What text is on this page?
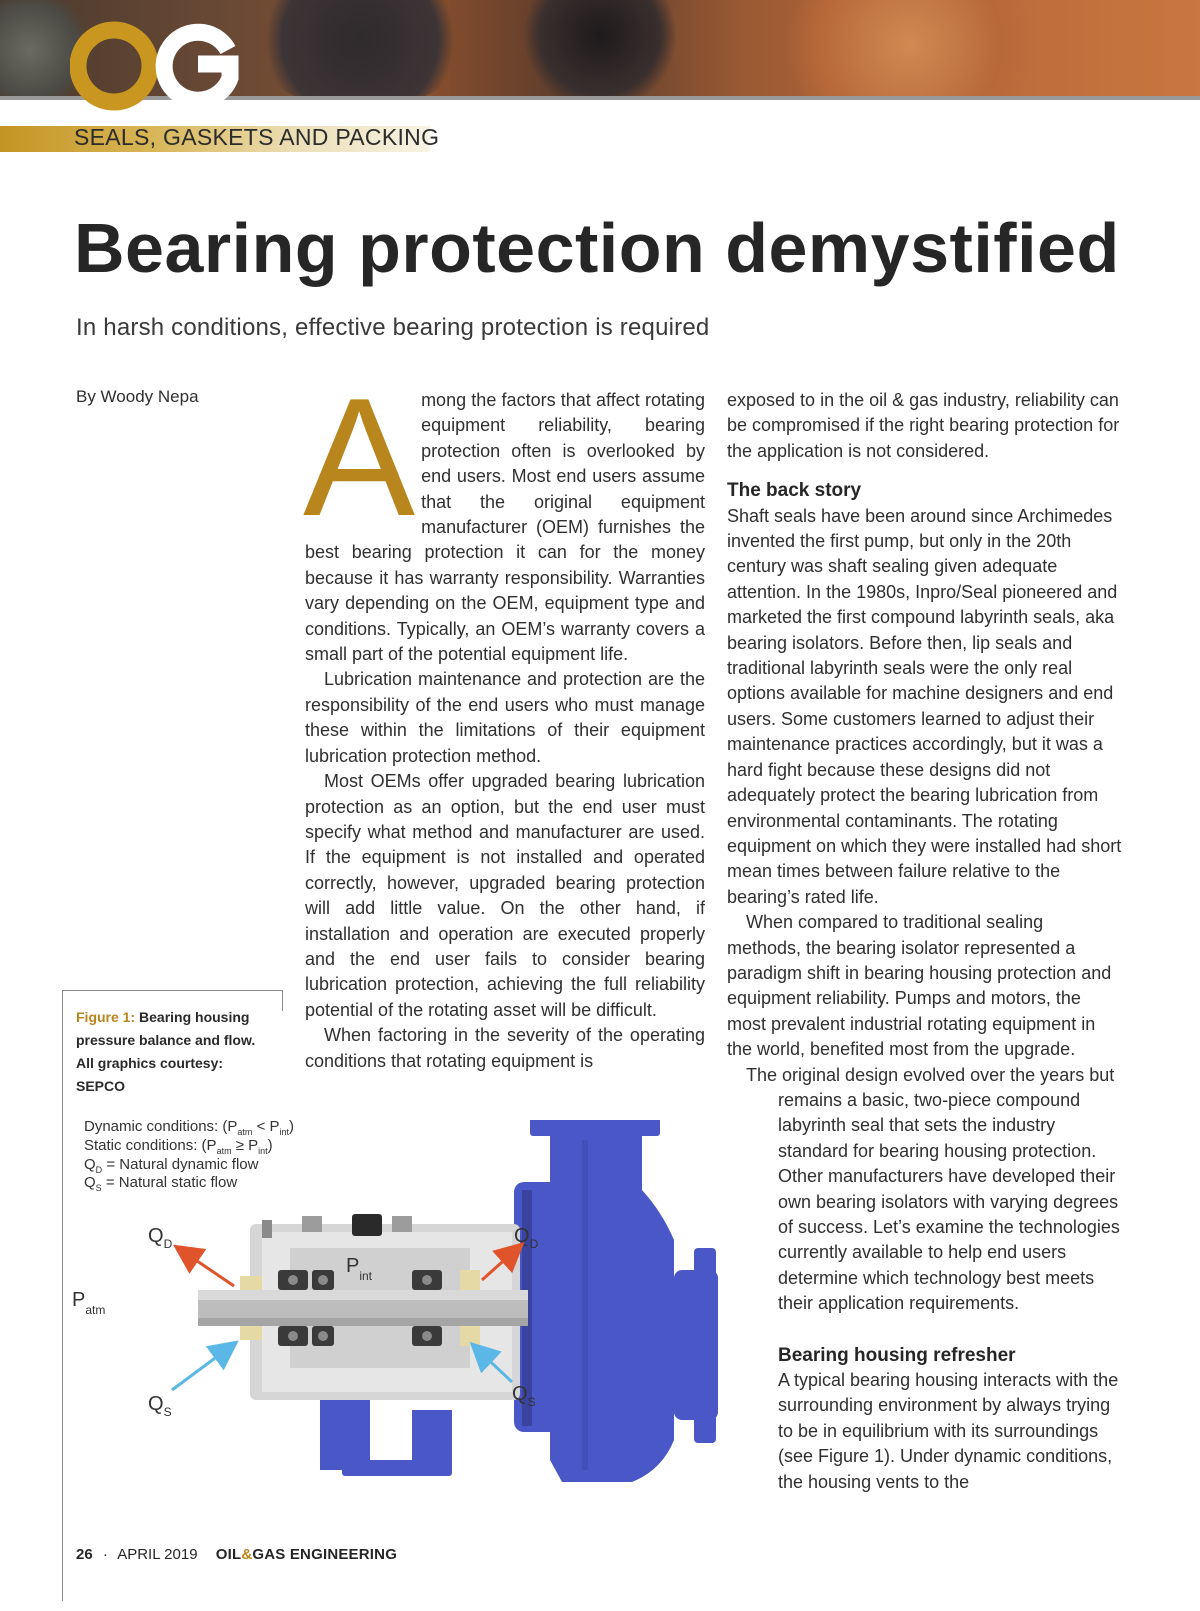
SEALS, GASKETS AND PACKING
Bearing protection demystified
In harsh conditions, effective bearing protection is required
By Woody Nepa A mong the factors that affect rotating equipment reliability, bearing protection often is overlooked by end users. Most end users assume that the original equipment manufacturer (OEM) furnishes the best bearing protection it can for the money because it has warranty responsibility. Warranties vary depending on the OEM, equipment type and conditions. Typically, an OEM’s warranty covers a small part of the potential equipment life.

Lubrication maintenance and protection are the responsibility of the end users who must manage these within the limitations of their equipment lubrication protection method.

Most OEMs offer upgraded bearing lubrication protection as an option, but the end user must specify what method and manufacturer are used. If the equipment is not installed and operated correctly, however, upgraded bearing protection will add little value. On the other hand, if installation and operation are executed properly and the end user fails to consider bearing lubrication protection, achieving the full reliability potential of the rotating asset will be difficult.

When factoring in the severity of the operating conditions that rotating equipment is

exposed to in the oil & gas industry, reliability can be compromised if the right bearing protection for the application is not considered.

The back story

Shaft seals have been around since Archimedes invented the first pump, but only in the 20th century was shaft sealing given adequate attention. In the 1980s, Inpro/Seal pioneered and marketed the first compound labyrinth seals, aka bearing isolators. Before then, lip seals and traditional labyrinth seals were the only real options available for machine designers and end users. Some customers learned to adjust their maintenance practices accordingly, but it was a hard fight because these designs did not adequately protect the bearing lubrication from environmental contaminants. The rotating equipment on which they were installed had short mean times between failure relative to the bearing’s rated life.

When compared to traditional sealing methods, the bearing isolator represented a paradigm shift in bearing housing protection and equipment reliability. Pumps and motors, the most prevalent industrial rotating equipment in the world, benefited most from the upgrade.

The original design evolved over the years but remains a basic, two-piece compound labyrinth seal that sets the industry standard for bearing housing protection. Other manufacturers have developed their own bearing isolators with varying degrees of success. Let’s examine the technologies currently available to help end users determine which technology best meets their application requirements.

Bearing housing refresher

A typical bearing housing interacts with the surrounding environment by always trying to be in equilibrium with its surroundings (see Figure 1). Under dynamic conditions, the housing vents to the

Figure 1: Bearing housing pressure balance and flow. All graphics courtesy: SEPCO
Dynamic conditions: $(P_{atm} < P_{int})$
Static conditions: $(P_{atm} \ge P_{int})$
$Q_D$ = Natural dynamic flow
$Q_S$ = Natural static flow
$Q_D$
$Q_S$
$P_{atm}$
$P_{int}$
$Q_D$
$Q_S$
26 · APRIL 2019 OIL&GAS ENGINEERING
